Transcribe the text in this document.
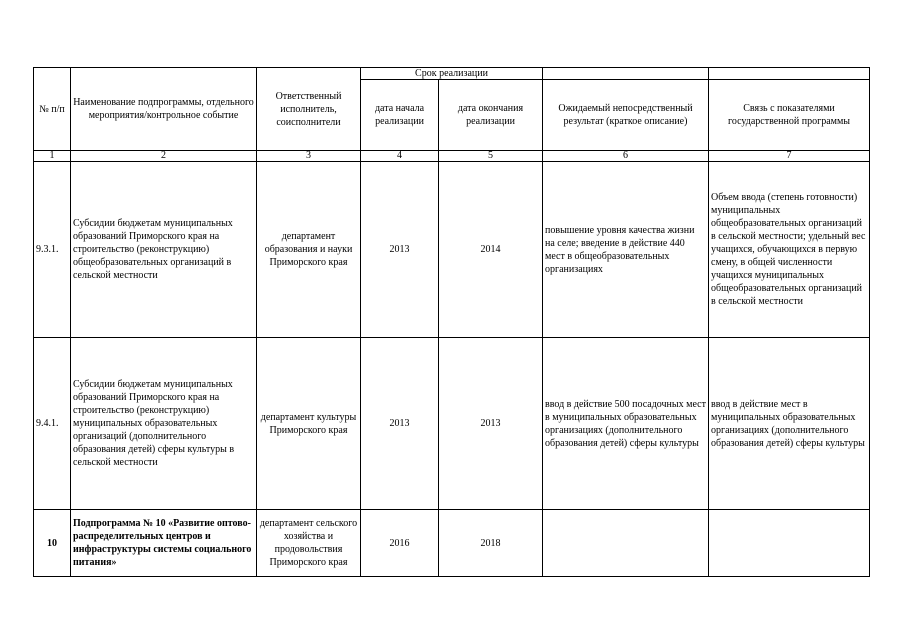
№ п/п	Наименование подпрограммы, отдельного мероприятия/контрольное событие	Ответственный исполнитель, соисполнители	Срок реализации			
			дата начала реализации	дата окончания реализации	Ожидаемый непосредственный результат (краткое описание)	Связь с показателями государственной программы
1	2	3	4	5	6	7
9.3.1.	Субсидии бюджетам муниципальных образований Приморского края на строительство (реконструкцию) общеобразовательных организаций в сельской местности	департамент образования и науки Приморского края	2013	2014	повышение уровня качества жизни на селе; введение в действие 440 мест в общеобразовательных организациях	Объем ввода (степень готовности) муниципальных общеобразовательных организаций в сельской местности; удельный вес учащихся, обучающихся в первую смену, в общей численности учащихся муниципальных общеобразовательных организаций в сельской местности
9.4.1.	Субсидии бюджетам муниципальных образований Приморского края на строительство (реконструкцию) муниципальных образовательных организаций (дополнительного образования детей) сферы культуры в сельской местности	департамент культуры Приморского края	2013	2013	ввод в действие 500 посадочных мест в муниципальных образовательных организациях (дополнительного образования детей) сферы культуры	ввод в действие мест в муниципальных образовательных организациях (дополнительного образования детей) сферы культуры
10	Подпрограмма № 10 «Развитие оптово-распределительных центров и инфраструктуры системы социального питания»	департамент сельского хозяйства и продовольствия Приморского края	2016	2018		
